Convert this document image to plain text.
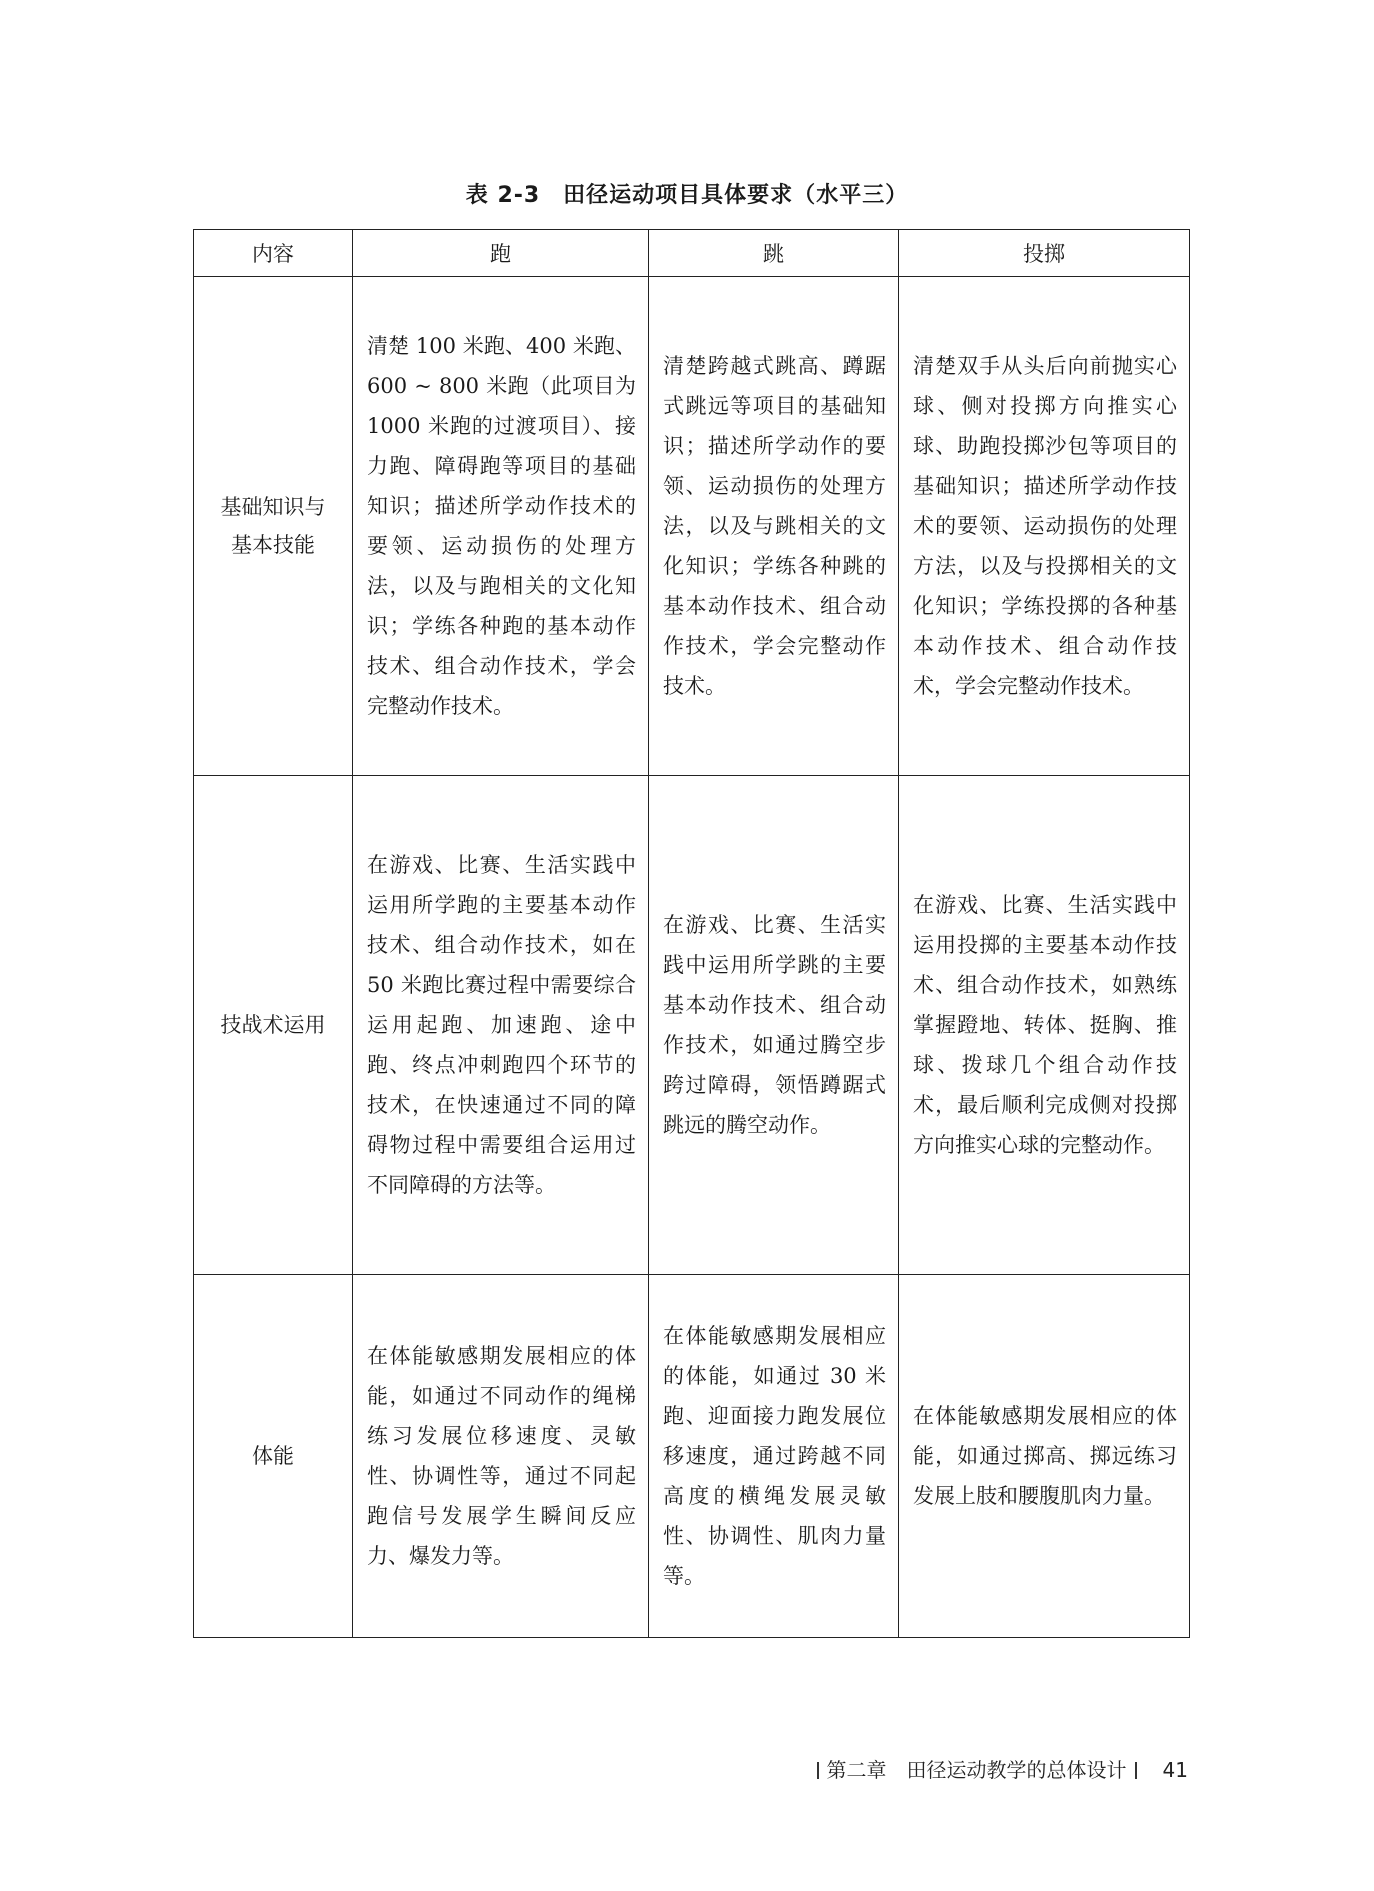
表 2-3　田径运动项目具体要求（水平三）
内容	跑	跳	投掷

基础知识与基本技能	清楚 100 米跑、400 米跑、600 ~ 800 米跑（此项目为 1000 米跑的过渡项目）、接力跑、障碍跑等项目的基础知识；描述所学动作技术的要领、运动损伤的处理方法，以及与跑相关的文化知识；学练各种跑的基本动作技术、组合动作技术，学会完整动作技术。	清楚跨越式跳高、蹲踞式跳远等项目的基础知识；描述所学动作的要领、运动损伤的处理方法，以及与跳相关的文化知识；学练各种跳的基本动作技术、组合动作技术，学会完整动作技术。	清楚双手从头后向前抛实心球、侧对投掷方向推实心球、助跑投掷沙包等项目的基础知识；描述所学动作技术的要领、运动损伤的处理方法，以及与投掷相关的文化知识；学练投掷的各种基本动作技术、组合动作技术，学会完整动作技术。
技战术运用	在游戏、比赛、生活实践中运用所学跑的主要基本动作技术、组合动作技术，如在 50 米跑比赛过程中需要综合运用起跑、加速跑、途中跑、终点冲刺跑四个环节的技术，在快速通过不同的障碍物过程中需要组合运用过不同障碍的方法等。	在游戏、比赛、生活实践中运用所学跳的主要基本动作技术、组合动作技术，如通过腾空步跨过障碍，领悟蹲踞式跳远的腾空动作。	在游戏、比赛、生活实践中运用投掷的主要基本动作技术、组合动作技术，如熟练掌握蹬地、转体、挺胸、推球、拨球几个组合动作技术，最后顺利完成侧对投掷方向推实心球的完整动作。
体能	在体能敏感期发展相应的体能，如通过不同动作的绳梯练习发展位移速度、灵敏性、协调性等，通过不同起跑信号发展学生瞬间反应力、爆发力等。	在体能敏感期发展相应的体能，如通过 30 米跑、迎面接力跑发展位移速度，通过跨越不同高度的横绳发展灵敏性、协调性、肌肉力量等。	在体能敏感期发展相应的体能，如通过掷高、掷远练习发展上肢和腰腹肌肉力量。
第二章　田径运动教学的总体设计 41
